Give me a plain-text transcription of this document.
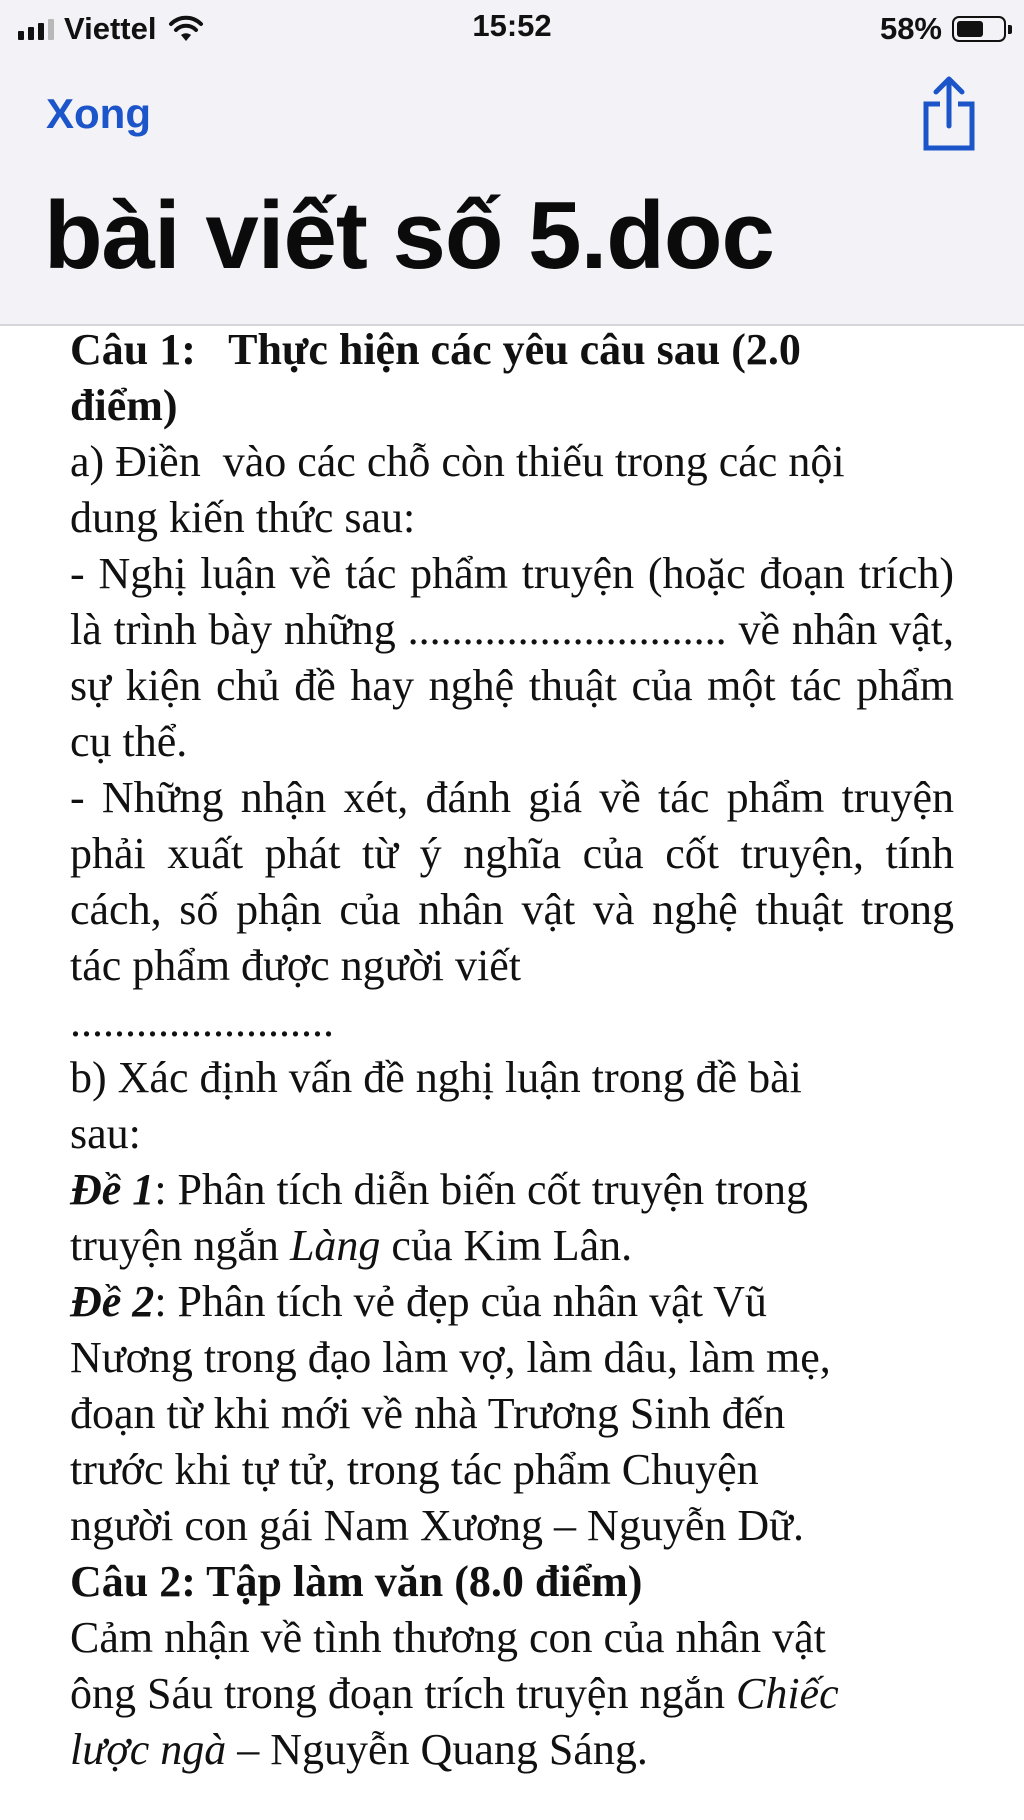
Viettel	15:52	58%
Xong
bài viết số 5.doc

Câu 1:   Thực hiện các yêu câu sau (2.0

điểm)

a) Điền  vào các chỗ còn thiếu trong các nội

dung kiến thức sau:

- Nghị luận về tác phẩm truyện (hoặc đoạn trích) là trình bày những ............................. về nhân vật, sự kiện chủ đề hay nghệ thuật của một tác phẩm cụ thể.

- Những nhận xét, đánh giá về tác phẩm truyện phải xuất phát từ ý nghĩa của cốt truyện, tính cách, số phận của nhân vật và nghệ thuật trong tác phẩm được người viết

........................

b) Xác định vấn đề nghị luận trong đề bài

sau:

Đề 1: Phân tích diễn biến cốt truyện trong

truyện ngắn Làng của Kim Lân.

Đề 2: Phân tích vẻ đẹp của nhân vật Vũ

Nương trong đạo làm vợ, làm dâu, làm mẹ,

đoạn từ khi mới về nhà Trương Sinh đến

trước khi tự tử, trong tác phẩm Chuyện

người con gái Nam Xương – Nguyễn Dữ.

Câu 2: Tập làm văn (8.0 điểm)

Cảm nhận về tình thương con của nhân vật

ông Sáu trong đoạn trích truyện ngắn Chiếc

lược ngà – Nguyễn Quang Sáng.
